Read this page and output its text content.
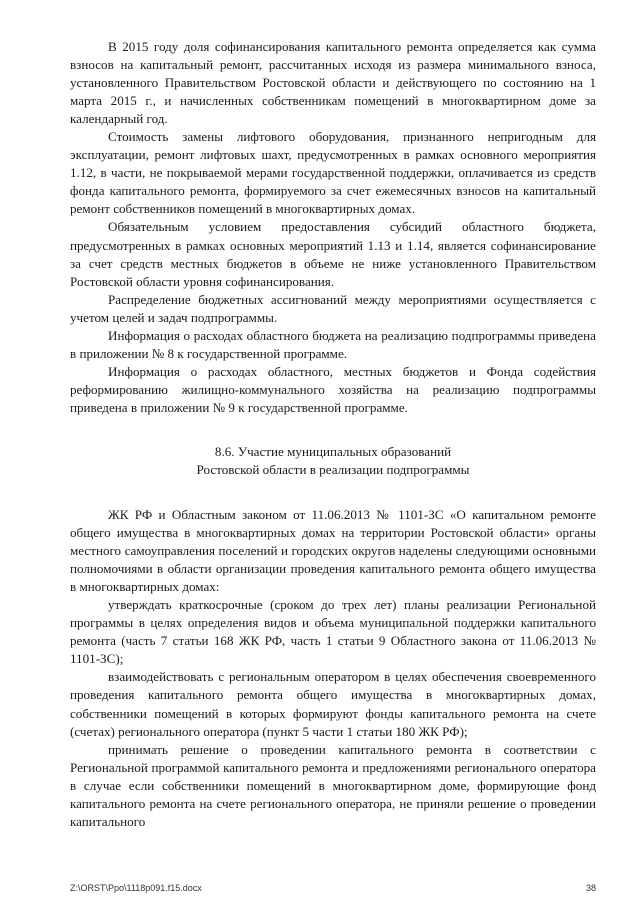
В 2015 году доля софинансирования капитального ремонта определяется как сумма взносов на капитальный ремонт, рассчитанных исходя из размера минимального взноса, установленного Правительством Ростовской области и действующего по состоянию на 1 марта 2015 г., и начисленных собственникам помещений в многоквартирном доме за календарный год.

Стоимость замены лифтового оборудования, признанного непригодным для эксплуатации, ремонт лифтовых шахт, предусмотренных в рамках основного мероприятия 1.12, в части, не покрываемой мерами государственной поддержки, оплачивается из средств фонда капитального ремонта, формируемого за счет ежемесячных взносов на капитальный ремонт собственников помещений в многоквартирных домах.

Обязательным условием предоставления субсидий областного бюджета, предусмотренных в рамках основных мероприятий 1.13 и 1.14, является софинансирование за счет средств местных бюджетов в объеме не ниже установленного Правительством Ростовской области уровня софинансирования.

Распределение бюджетных ассигнований между мероприятиями осуществляется с учетом целей и задач подпрограммы.

Информация о расходах областного бюджета на реализацию подпрограммы приведена в приложении № 8 к государственной программе.

Информация о расходах областного, местных бюджетов и Фонда содействия реформированию жилищно-коммунального хозяйства на реализацию подпрограммы приведена в приложении № 9 к государственной программе.

8.6. Участие муниципальных образований

Ростовской области в реализации подпрограммы

ЖК РФ и Областным законом от 11.06.2013 № 1101-ЗС «О капитальном ремонте общего имущества в многоквартирных домах на территории Ростовской области» органы местного самоуправления поселений и городских округов наделены следующими основными полномочиями в области организации проведения капитального ремонта общего имущества в многоквартирных домах:

утверждать краткосрочные (сроком до трех лет) планы реализации Региональной программы в целях определения видов и объема муниципальной поддержки капитального ремонта (часть 7 статьи 168 ЖК РФ, часть 1 статьи 9 Областного закона от 11.06.2013 № 1101-ЗС);

взаимодействовать с региональным оператором в целях обеспечения своевременного проведения капитального ремонта общего имущества в многоквартирных домах, собственники помещений в которых формируют фонды капитального ремонта на счете (счетах) регионального оператора (пункт 5 части 1 статьи 180 ЖК РФ);

принимать решение о проведении капитального ремонта в соответствии с Региональной программой капитального ремонта и предложениями регионального оператора в случае если собственники помещений в многоквартирном доме, формирующие фонд капитального ремонта на счете регионального оператора, не приняли решение о проведении капитального

Z:\ORST\Ppo\1118p091.f15.docx	38
